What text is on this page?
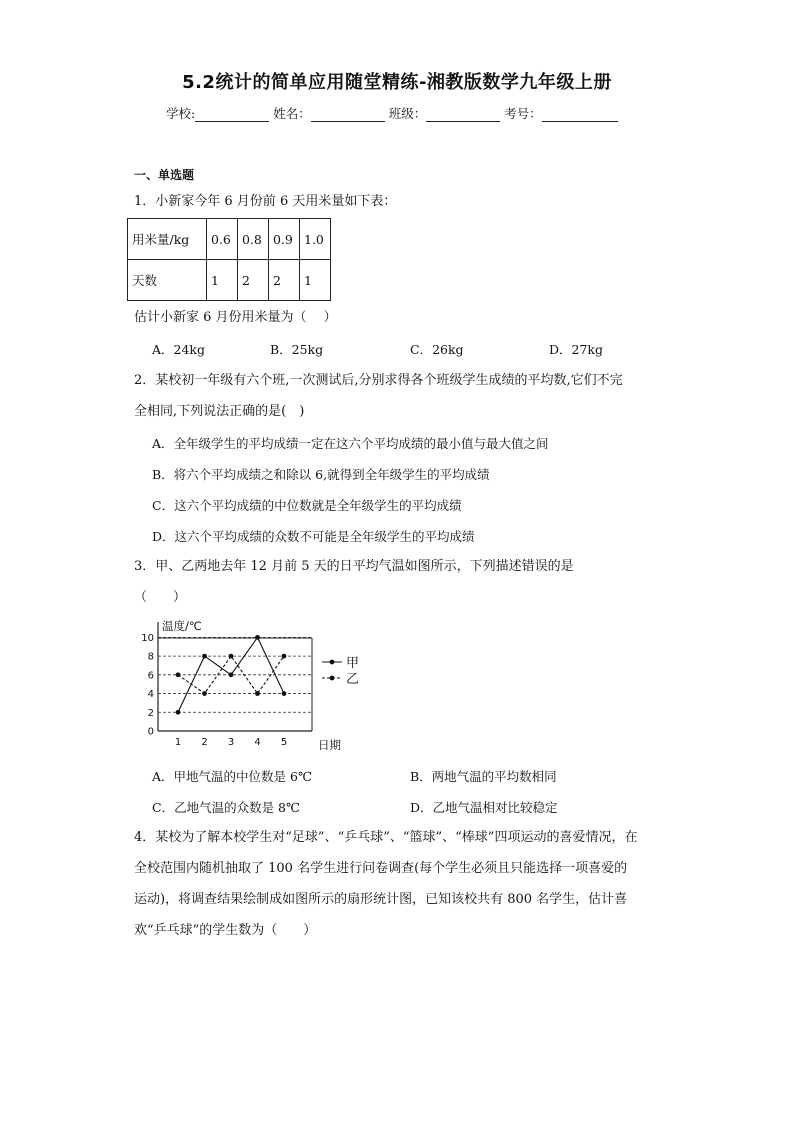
5.2统计的简单应用随堂精练-湘教版数学九年级上册
学校:	姓名：	班级：	考号：
一、单选题
1．小新家今年 6 月份前 6 天用米量如下表：
用米量/kg	0.6	0.8	0.9	1.0
天数	1	2	2	1
估计小新家 6 月份用米量为（　 ）
A．24kg	B．25kg	C．26kg	D．27kg
2．某校初一年级有六个班,一次测试后,分别求得各个班级学生成绩的平均数,它们不完
全相同,下列说法正确的是(　)
A．全年级学生的平均成绩一定在这六个平均成绩的最小值与最大值之间
B．将六个平均成绩之和除以 6,就得到全年级学生的平均成绩
C．这六个平均成绩的中位数就是全年级学生的平均成绩
D．这六个平均成绩的众数不可能是全年级学生的平均成绩
3．甲、乙两地去年 12 月前 5 天的日平均气温如图所示，下列描述错误的是
（　　）
0
2
4
6
8
10
1 2 3 4 5
温度/℃
日期
甲
乙
A．甲地气温的中位数是 6℃	B．两地气温的平均数相同
C．乙地气温的众数是 8℃	D．乙地气温相对比较稳定
4．某校为了解本校学生对“足球”、“乒乓球”、“篮球”、“棒球”四项运动的喜爱情况，在
全校范围内随机抽取了 100 名学生进行问卷调查(每个学生必须且只能选择一项喜爱的
运动)，将调查结果绘制成如图所示的扇形统计图，已知该校共有 800 名学生，估计喜
欢“乒乓球”的学生数为（　　）
